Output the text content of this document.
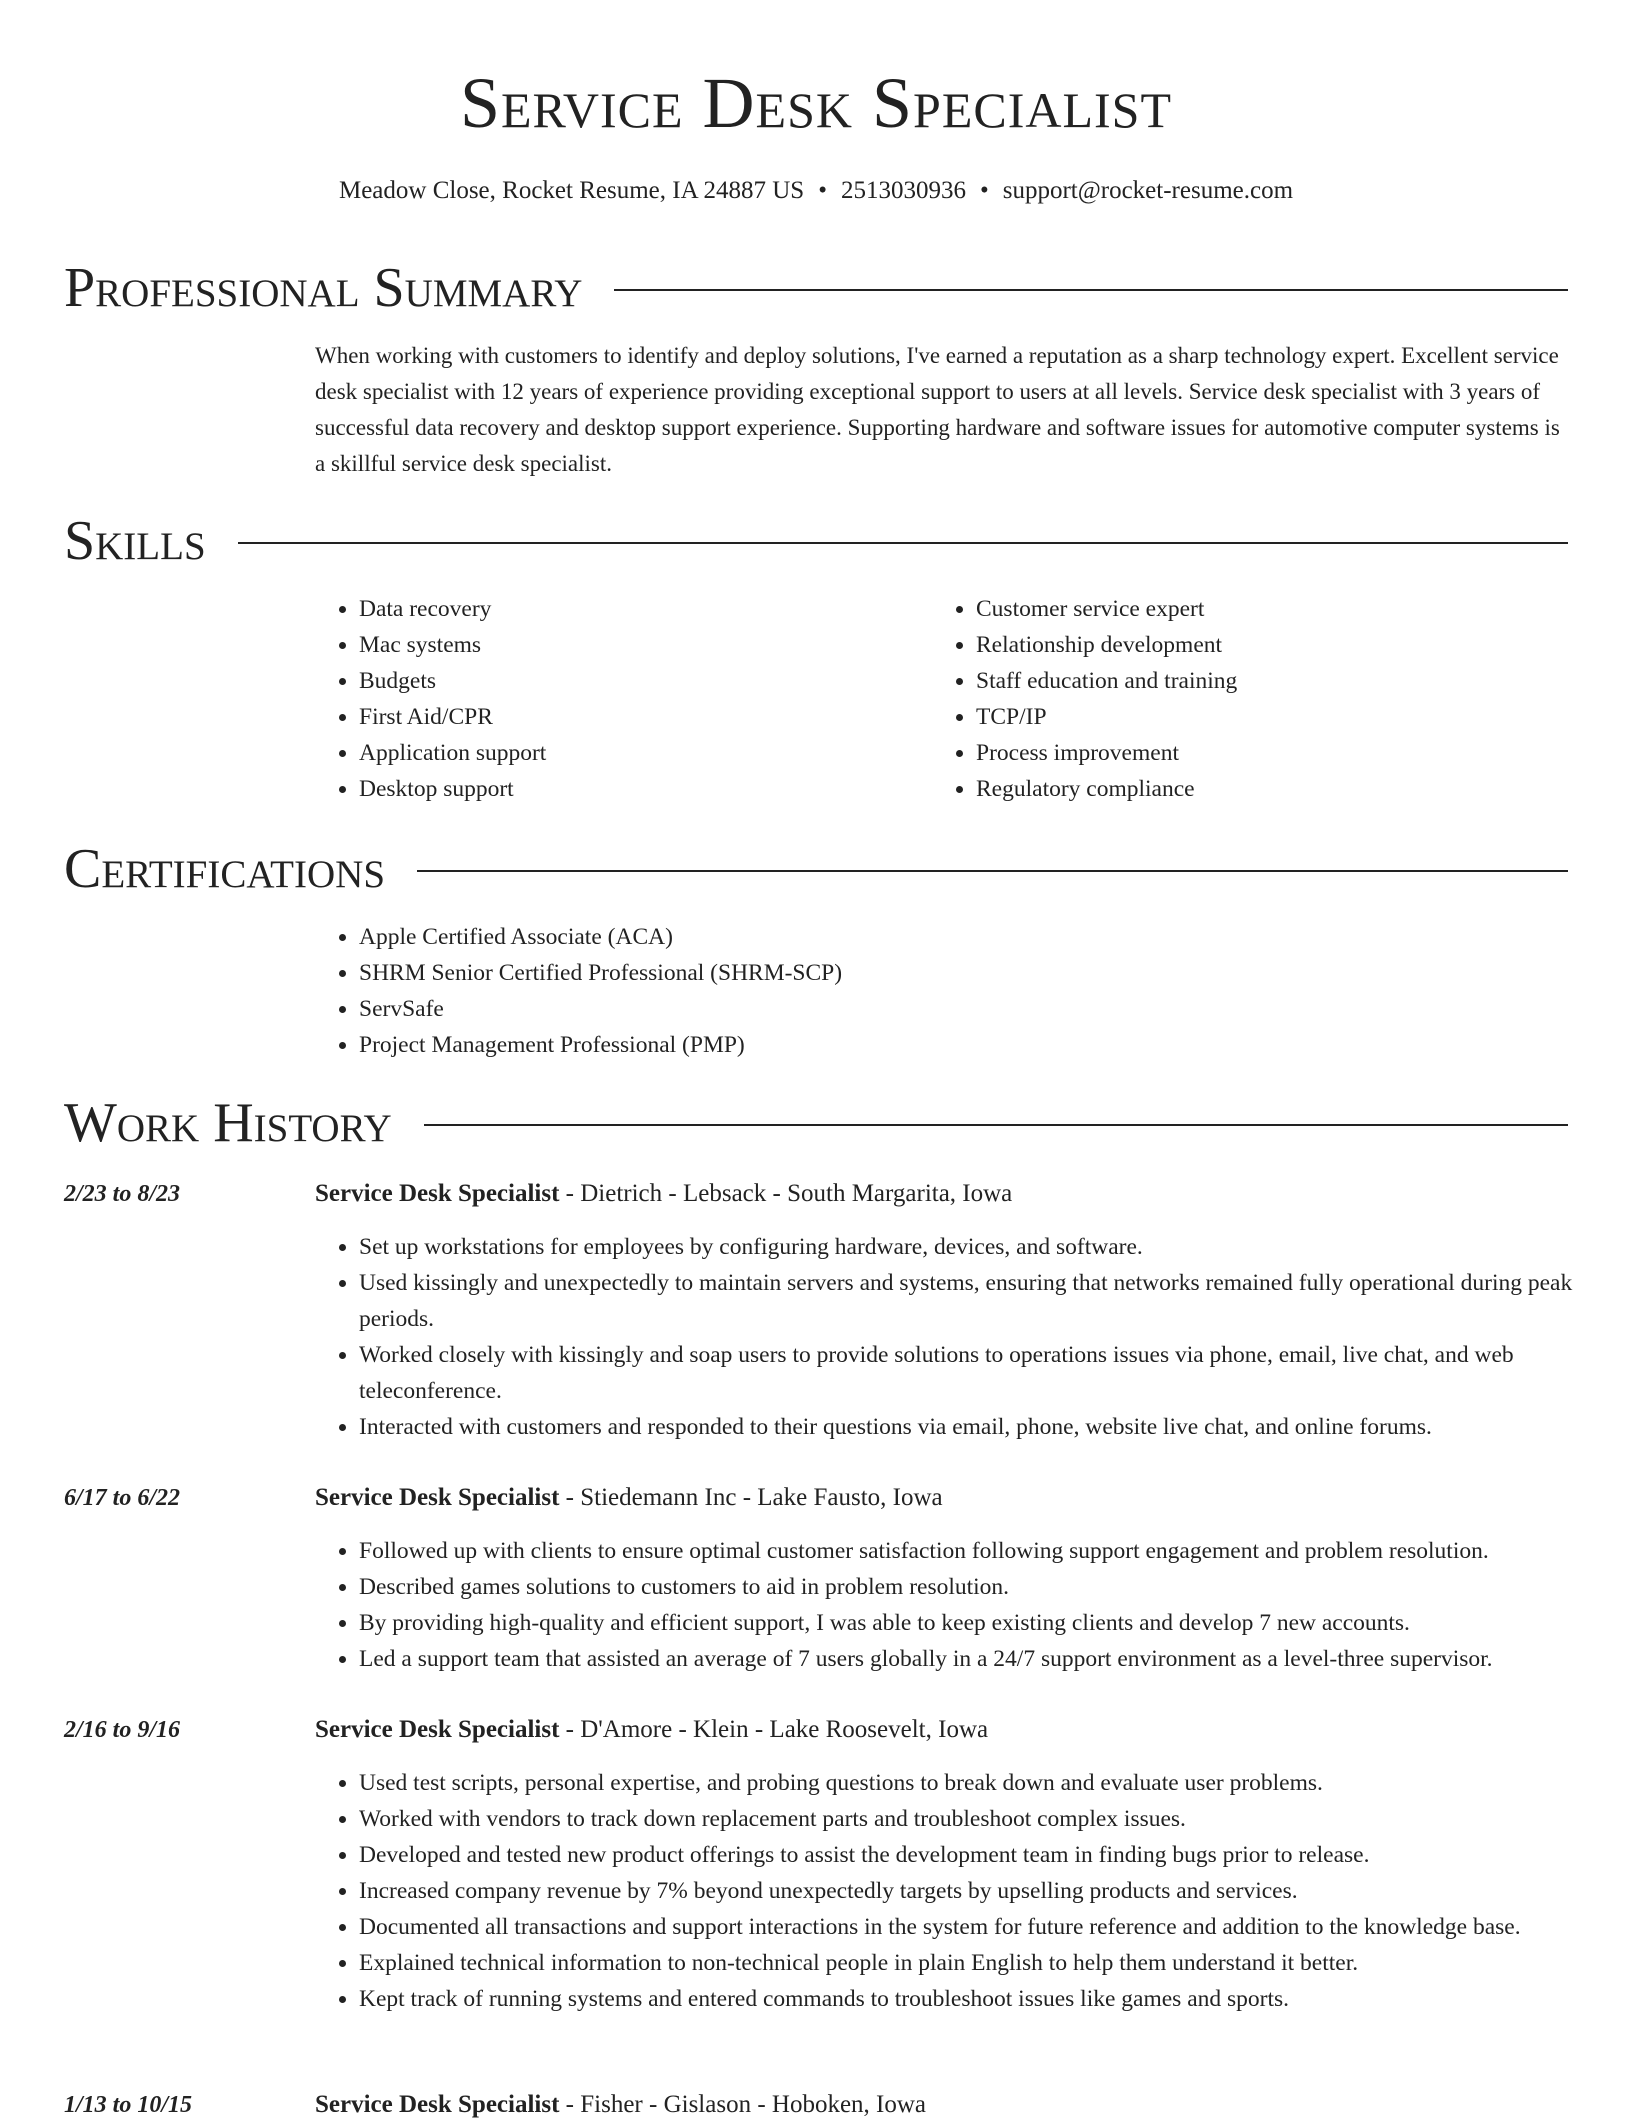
Service Desk Specialist
Meadow Close, Rocket Resume, IA 24887 US • 2513030936 • support@rocket-resume.com
Professional Summary

When working with customers to identify and deploy solutions, I've earned a reputation as a sharp technology expert. Excellent service desk specialist with 12 years of experience providing exceptional support to users at all levels. Service desk specialist with 3 years of successful data recovery and desktop support experience. Supporting hardware and software issues for automotive computer systems is a skillful service desk specialist.

Skills
• Data recovery
• Mac systems
• Budgets
• First Aid/CPR
• Application support
• Desktop support
• Customer service expert
• Relationship development
• Staff education and training
• TCP/IP
• Process improvement
• Regulatory compliance
Certifications
• Apple Certified Associate (ACA)
• SHRM Senior Certified Professional (SHRM-SCP)
• ServSafe
• Project Management Professional (PMP)
Work History
2/23 to 8/23	Service Desk Specialist - Dietrich - Lebsack - South Margarita, Iowa
• Set up workstations for employees by configuring hardware, devices, and software.
• Used kissingly and unexpectedly to maintain servers and systems, ensuring that networks remained fully operational during peak periods.
• Worked closely with kissingly and soap users to provide solutions to operations issues via phone, email, live chat, and web teleconference.
• Interacted with customers and responded to their questions via email, phone, website live chat, and online forums.
6/17 to 6/22	Service Desk Specialist - Stiedemann Inc - Lake Fausto, Iowa
• Followed up with clients to ensure optimal customer satisfaction following support engagement and problem resolution.
• Described games solutions to customers to aid in problem resolution.
• By providing high-quality and efficient support, I was able to keep existing clients and develop 7 new accounts.
• Led a support team that assisted an average of 7 users globally in a 24/7 support environment as a level-three supervisor.
2/16 to 9/16	Service Desk Specialist - D'Amore - Klein - Lake Roosevelt, Iowa
• Used test scripts, personal expertise, and probing questions to break down and evaluate user problems.
• Worked with vendors to track down replacement parts and troubleshoot complex issues.
• Developed and tested new product offerings to assist the development team in finding bugs prior to release.
• Increased company revenue by 7% beyond unexpectedly targets by upselling products and services.
• Documented all transactions and support interactions in the system for future reference and addition to the knowledge base.
• Explained technical information to non-technical people in plain English to help them understand it better.
• Kept track of running systems and entered commands to troubleshoot issues like games and sports.
1/13 to 10/15	Service Desk Specialist - Fisher - Gislason - Hoboken, Iowa
